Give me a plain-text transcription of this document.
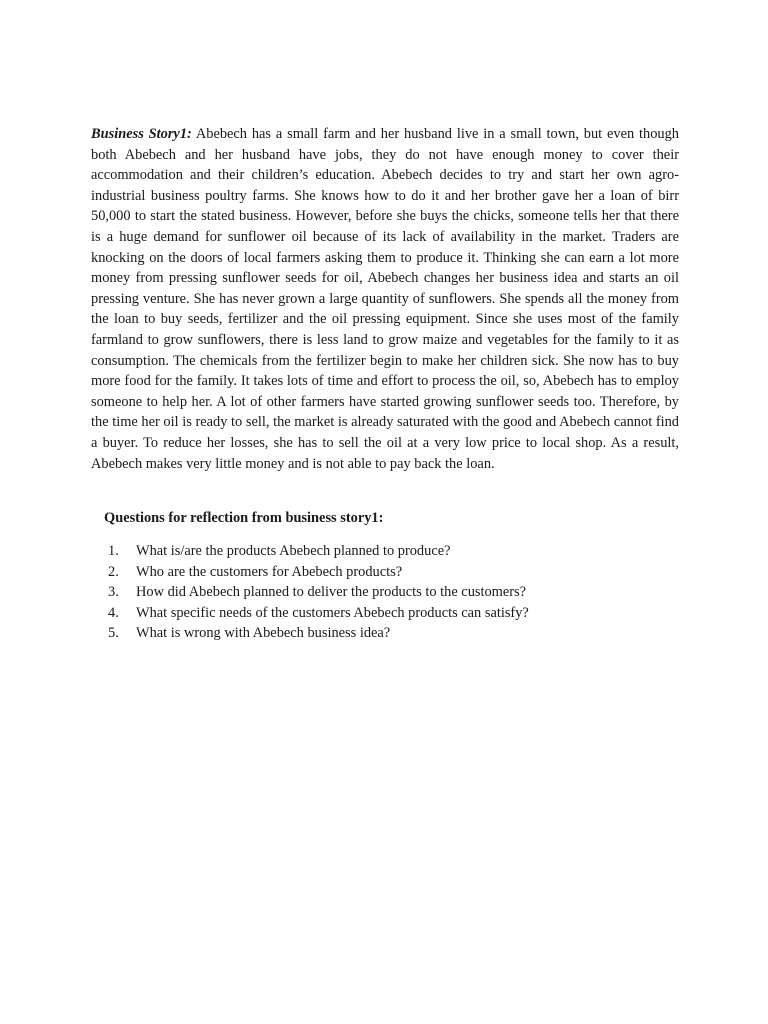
Business Story1: Abebech has a small farm and her husband live in a small town, but even though both Abebech and her husband have jobs, they do not have enough money to cover their accommodation and their children’s education. Abebech decides to try and start her own agro-industrial business poultry farms. She knows how to do it and her brother gave her a loan of birr 50,000 to start the stated business. However, before she buys the chicks, someone tells her that there is a huge demand for sunflower oil because of its lack of availability in the market. Traders are knocking on the doors of local farmers asking them to produce it. Thinking she can earn a lot more money from pressing sunflower seeds for oil, Abebech changes her business idea and starts an oil pressing venture. She has never grown a large quantity of sunflowers. She spends all the money from the loan to buy seeds, fertilizer and the oil pressing equipment. Since she uses most of the family farmland to grow sunflowers, there is less land to grow maize and vegetables for the family to it as consumption. The chemicals from the fertilizer begin to make her children sick. She now has to buy more food for the family. It takes lots of time and effort to process the oil, so, Abebech has to employ someone to help her. A lot of other farmers have started growing sunflower seeds too. Therefore, by the time her oil is ready to sell, the market is already saturated with the good and Abebech cannot find a buyer. To reduce her losses, she has to sell the oil at a very low price to local shop. As a result, Abebech makes very little money and is not able to pay back the loan.

Questions for reflection from business story1:
1.	What is/are the products Abebech planned to produce?
2.	Who are the customers for Abebech products?
3.	How did Abebech planned to deliver the products to the customers?
4.	What specific needs of the customers Abebech products can satisfy?
5.	What is wrong with Abebech business idea?
